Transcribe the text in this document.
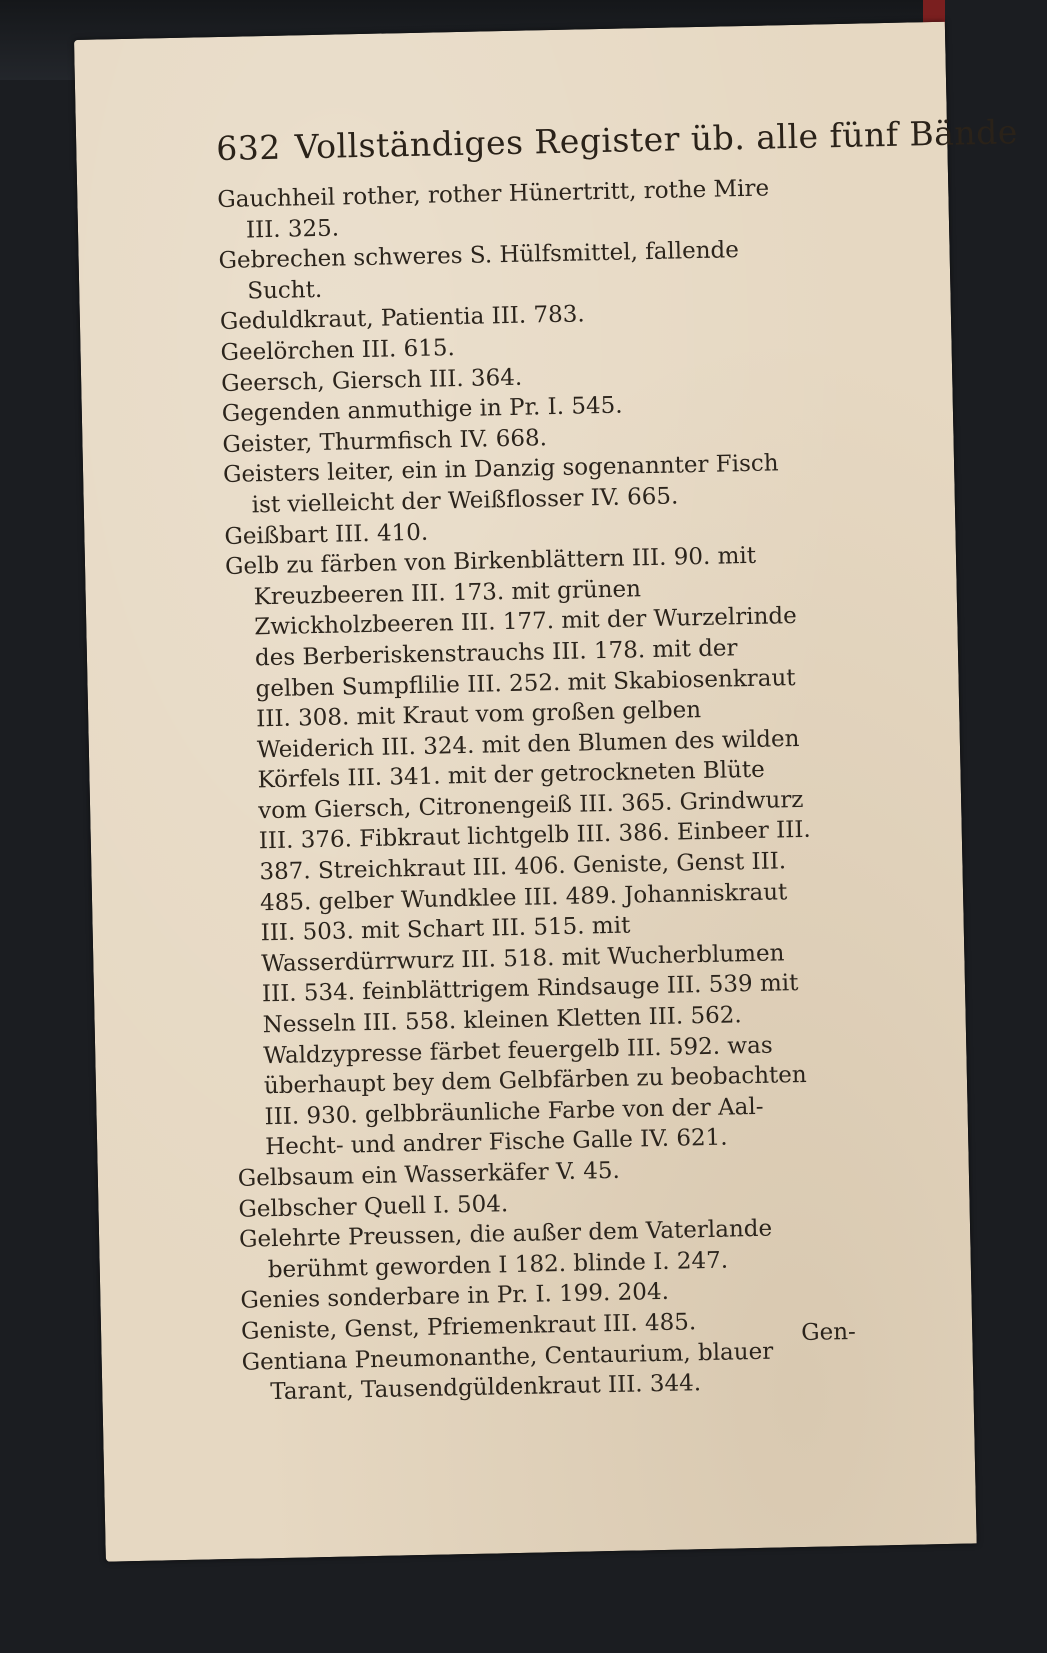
632 Vollständiges Register üb. alle fünf Bände
Gauchheil rother, rother Hünertritt, rothe Mire III. 325.
Gebrechen schweres S. Hülfsmittel, fallende Sucht.
Geduldkraut, Patientia III. 783.
Geelörchen III. 615.
Geersch, Giersch III. 364.
Gegenden anmuthige in Pr. I. 545.
Geister, Thurmfisch IV. 668.
Geisters leiter, ein in Danzig sogenannter Fisch ist vielleicht der Weißflosser IV. 665.
Geißbart III. 410.
Gelb zu färben von Birkenblättern III. 90. mit Kreuzbeeren III. 173. mit grünen Zwickholzbeeren III. 177. mit der Wurzelrinde des Berberiskenstrauchs III. 178. mit der gelben Sumpflilie III. 252. mit Skabiosenkraut III. 308. mit Kraut vom großen gelben Weiderich III. 324. mit den Blumen des wilden Körfels III. 341. mit der getrockneten Blüte vom Giersch, Citronengeiß III. 365. Grindwurz III. 376. Fibkraut lichtgelb III. 386. Einbeer III. 387. Streichkraut III. 406. Geniste, Genst III. 485. gelber Wundklee III. 489. Johanniskraut III. 503. mit Schart III. 515. mit Wasserdürrwurz III. 518. mit Wucherblumen III. 534. feinblättrigem Rindsauge III. 539 mit Nesseln III. 558. kleinen Kletten III. 562. Waldzypresse färbet feuergelb III. 592. was überhaupt bey dem Gelbfärben zu beobachten III. 930. gelbbräunliche Farbe von der Aal- Hecht- und andrer Fische Galle IV. 621.
Gelbsaum ein Wasserkäfer V. 45.
Gelbscher Quell I. 504.
Gelehrte Preussen, die außer dem Vaterlande berühmt geworden I 182. blinde I. 247.
Genies sonderbare in Pr. I. 199. 204.
Geniste, Genst, Pfriemenkraut III. 485.
Gentiana Pneumonanthe, Centaurium, blauer Tarant, Tausendgüldenkraut III. 344.
Gen-
